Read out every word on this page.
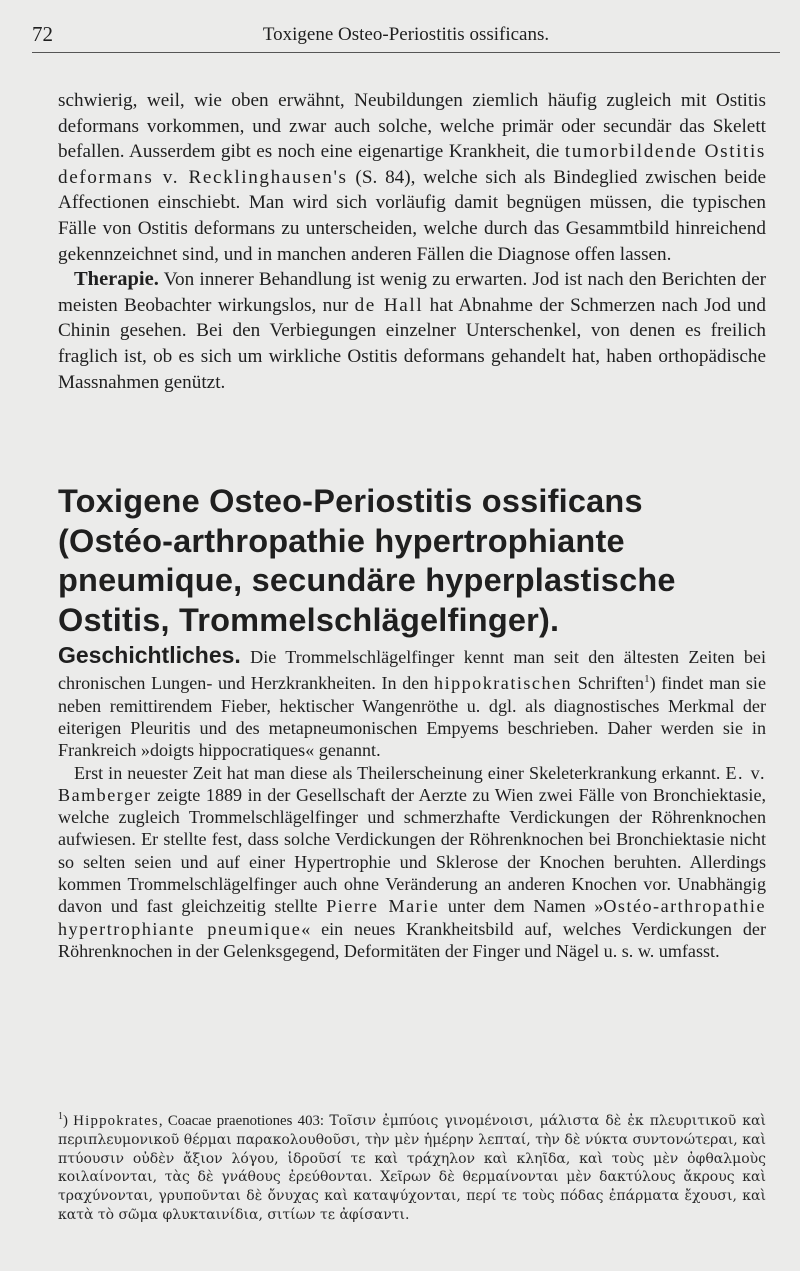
72	Toxigene Osteo-Periostitis ossificans.

schwierig, weil, wie oben erwähnt, Neubildungen ziemlich häufig zugleich mit Ostitis deformans vorkommen, und zwar auch solche, welche primär oder secundär das Skelett befallen. Ausserdem gibt es noch eine eigenartige Krankheit, die tumorbildende Ostitis deformans v. Recklinghausen's (S. 84), welche sich als Bindeglied zwischen beide Affectionen einschiebt. Man wird sich vorläufig damit begnügen müssen, die typischen Fälle von Ostitis deformans zu unterscheiden, welche durch das Gesammtbild hinreichend gekennzeichnet sind, und in manchen anderen Fällen die Diagnose offen lassen.

Therapie. Von innerer Behandlung ist wenig zu erwarten. Jod ist nach den Berichten der meisten Beobachter wirkungslos, nur de Hall hat Abnahme der Schmerzen nach Jod und Chinin gesehen. Bei den Verbiegungen einzelner Unterschenkel, von denen es freilich fraglich ist, ob es sich um wirkliche Ostitis deformans gehandelt hat, haben orthopädische Massnahmen genützt.

Toxigene Osteo-Periostitis ossificans (Ostéo-arthropathie hypertrophiante pneumique, secundäre hyperplastische Ostitis, Trommelschlägelfinger).

Geschichtliches. Die Trommelschlägelfinger kennt man seit den ältesten Zeiten bei chronischen Lungen- und Herzkrankheiten. In den hippokratischen Schriften$^1$) findet man sie neben remittirendem Fieber, hektischer Wangenröthe u. dgl. als diagnostisches Merkmal der eiterigen Pleuritis und des metapneumonischen Empyems beschrieben. Daher werden sie in Frankreich »doigts hippocratiques« genannt.

Erst in neuester Zeit hat man diese als Theilerscheinung einer Skeleterkrankung erkannt. E. v. Bamberger zeigte 1889 in der Gesellschaft der Aerzte zu Wien zwei Fälle von Bronchiektasie, welche zugleich Trommelschlägelfinger und schmerzhafte Verdickungen der Röhrenknochen aufwiesen. Er stellte fest, dass solche Verdickungen der Röhrenknochen bei Bronchiektasie nicht so selten seien und auf einer Hypertrophie und Sklerose der Knochen beruhten. Allerdings kommen Trommelschlägelfinger auch ohne Veränderung an anderen Knochen vor. Unabhängig davon und fast gleichzeitig stellte Pierre Marie unter dem Namen »Ostéo-arthropathie hypertrophiante pneumique« ein neues Krankheitsbild auf, welches Verdickungen der Röhrenknochen in der Gelenksgegend, Deformitäten der Finger und Nägel u. s. w. umfasst.

$^1$) Hippokrates, Coacae praenotiones 403: Τοῖσιν ἐμπύοις γινομένοισι, μάλιστα δὲ ἐκ πλευριτικοῦ καὶ περιπλευμονικοῦ θέρμαι παρακολουθοῦσι, τὴν μὲν ἡμέρην λεπταί, τὴν δὲ νύκτα συντονώτεραι, καὶ πτύουσιν οὐδὲν ἄξιον λόγου, ἱδροῦσί τε καὶ τράχηλον καὶ κληῖδα, καὶ τοὺς μὲν ὀφθαλμοὺς κοιλαίνονται, τὰς δὲ γνάθους ἐρεύθονται. Χεῖρων δὲ θερμαίνονται μὲν δακτύλους ἄκρους καὶ τραχύνονται, γρυποῦνται δὲ ὄνυχας καὶ καταψύχονται, περί τε τοὺς πόδας ἐπάρματα ἔχουσι, καὶ κατὰ τὸ σῶμα φλυκταινίδια, σιτίων τε ἀφίσαντι.
